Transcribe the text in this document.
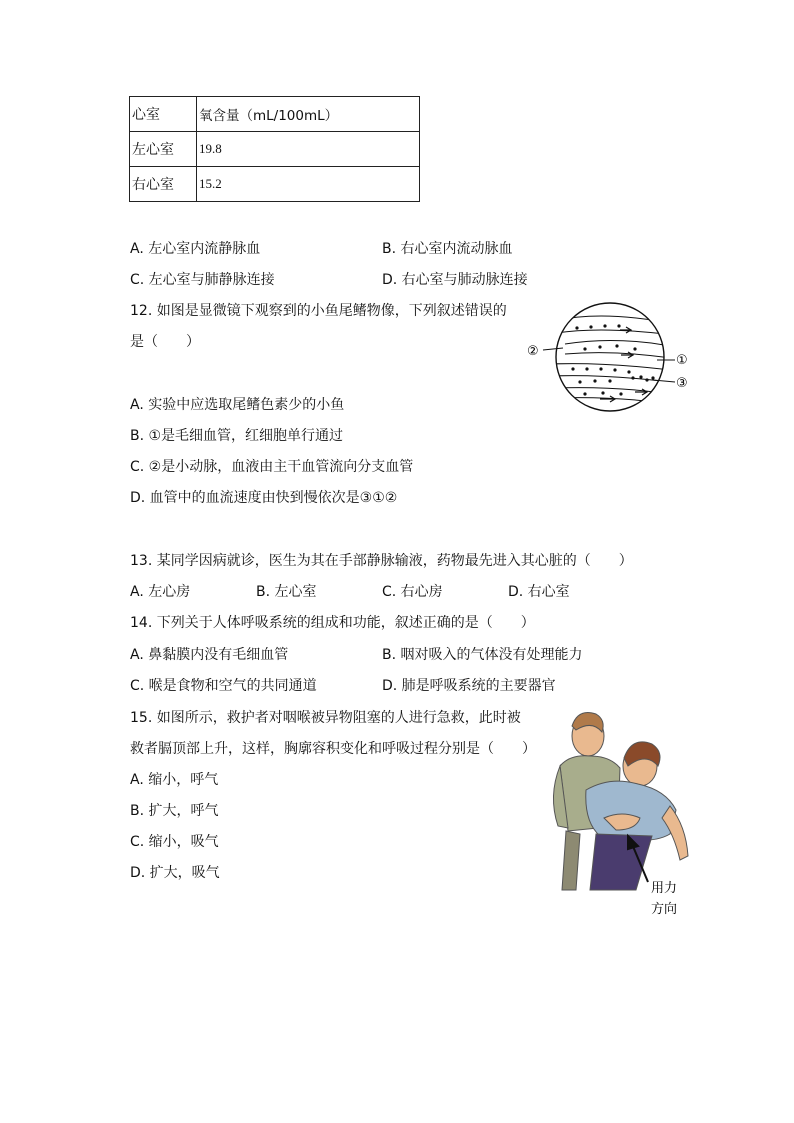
心室	氧含量（mL/100mL）
左心室	19.8
右心室	15.2
A. 左心室内流静脉血	B. 右心室内流动脉血
C. 左心室与肺静脉连接	D. 右心室与肺动脉连接
12. 如图是显微镜下观察到的小鱼尾鳍物像，下列叙述错误的
是（　　）
A. 实验中应选取尾鳍色素少的小鱼
B. ①是毛细血管，红细胞单行通过
C. ②是小动脉，血液由主干血管流向分支血管
D. 血管中的血流速度由快到慢依次是③①②
②
①
③
13. 某同学因病就诊，医生为其在手部静脉输液，药物最先进入其心脏的（　　）
A. 左心房	B. 左心室	C. 右心房	D. 右心室
14. 下列关于人体呼吸系统的组成和功能，叙述正确的是（　　）
A. 鼻黏膜内没有毛细血管	B. 咽对吸入的气体没有处理能力
C. 喉是食物和空气的共同通道	D. 肺是呼吸系统的主要器官
15. 如图所示，救护者对咽喉被异物阻塞的人进行急救，此时被
救者膈顶部上升，这样，胸廓容积变化和呼吸过程分别是（　　）
A. 缩小，呼气
B. 扩大，呼气
C. 缩小，吸气
D. 扩大，吸气
用力
方向
